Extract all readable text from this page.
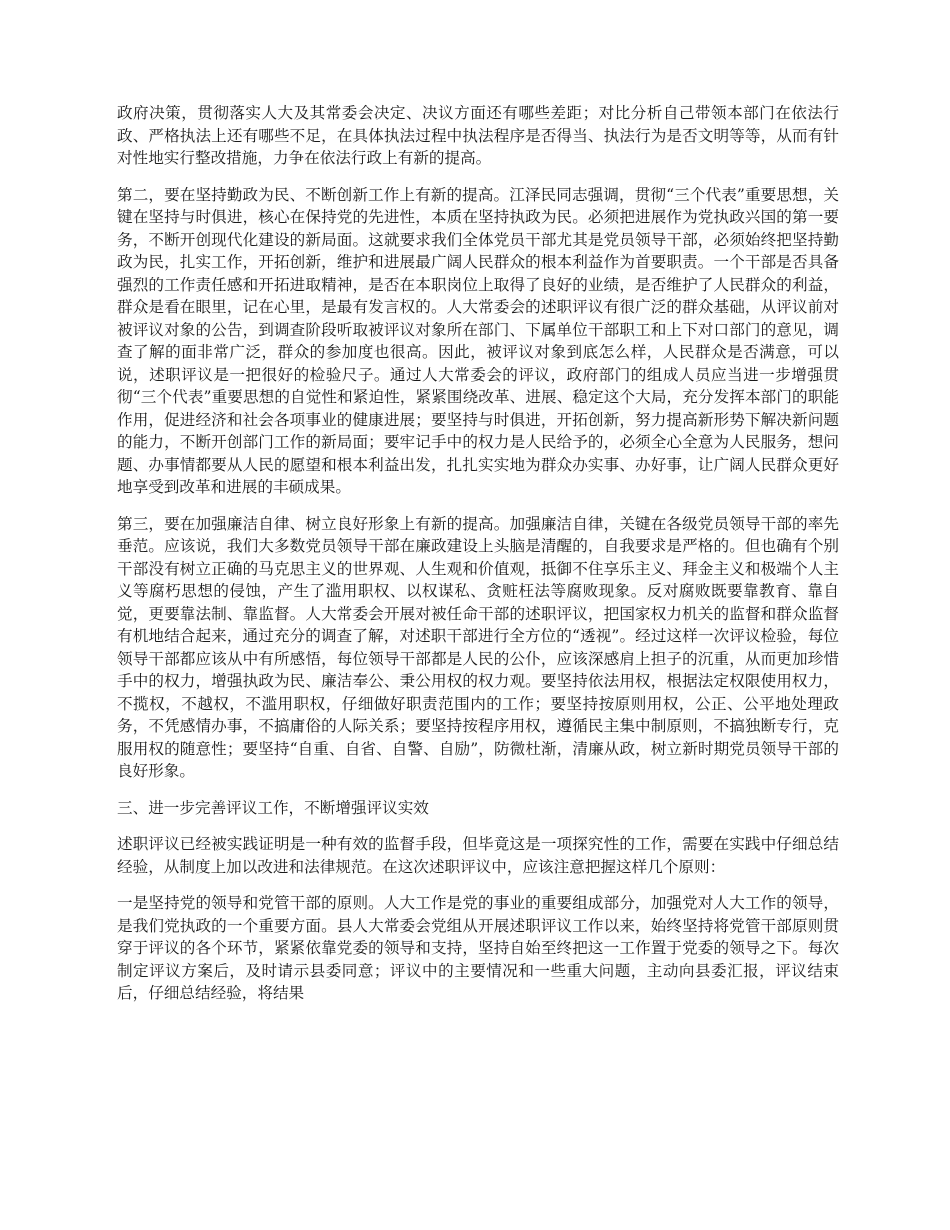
政府决策，贯彻落实人大及其常委会决定、决议方面还有哪些差距；对比分析自己带领本部门在依法行政、严格执法上还有哪些不足，在具体执法过程中执法程序是否得当、执法行为是否文明等等，从而有针对性地实行整改措施，力争在依法行政上有新的提高。

第二，要在坚持勤政为民、不断创新工作上有新的提高。江泽民同志强调，贯彻“三个代表”重要思想，关键在坚持与时俱进，核心在保持党的先进性，本质在坚持执政为民。必须把进展作为党执政兴国的第一要务，不断开创现代化建设的新局面。这就要求我们全体党员干部尤其是党员领导干部，必须始终把坚持勤政为民，扎实工作，开拓创新，维护和进展最广阔人民群众的根本利益作为首要职责。一个干部是否具备强烈的工作责任感和开拓进取精神，是否在本职岗位上取得了良好的业绩，是否维护了人民群众的利益，群众是看在眼里，记在心里，是最有发言权的。人大常委会的述职评议有很广泛的群众基础，从评议前对被评议对象的公告，到调查阶段听取被评议对象所在部门、下属单位干部职工和上下对口部门的意见，调查了解的面非常广泛，群众的参加度也很高。因此，被评议对象到底怎么样，人民群众是否满意，可以说，述职评议是一把很好的检验尺子。通过人大常委会的评议，政府部门的组成人员应当进一步增强贯彻“三个代表”重要思想的自觉性和紧迫性，紧紧围绕改革、进展、稳定这个大局，充分发挥本部门的职能作用，促进经济和社会各项事业的健康进展；要坚持与时俱进，开拓创新，努力提高新形势下解决新问题的能力，不断开创部门工作的新局面；要牢记手中的权力是人民给予的，必须全心全意为人民服务，想问题、办事情都要从人民的愿望和根本利益出发，扎扎实实地为群众办实事、办好事，让广阔人民群众更好地享受到改革和进展的丰硕成果。

第三，要在加强廉洁自律、树立良好形象上有新的提高。加强廉洁自律，关键在各级党员领导干部的率先垂范。应该说，我们大多数党员领导干部在廉政建设上头脑是清醒的，自我要求是严格的。但也确有个别干部没有树立正确的马克思主义的世界观、人生观和价值观，抵御不住享乐主义、拜金主义和极端个人主义等腐朽思想的侵蚀，产生了滥用职权、以权谋私、贪赃枉法等腐败现象。反对腐败既要靠教育、靠自觉，更要靠法制、靠监督。人大常委会开展对被任命干部的述职评议，把国家权力机关的监督和群众监督有机地结合起来，通过充分的调查了解，对述职干部进行全方位的“透视”。经过这样一次评议检验，每位领导干部都应该从中有所感悟，每位领导干部都是人民的公仆，应该深感肩上担子的沉重，从而更加珍惜手中的权力，增强执政为民、廉洁奉公、秉公用权的权力观。要坚持依法用权，根据法定权限使用权力，不揽权，不越权，不滥用职权，仔细做好职责范围内的工作；要坚持按原则用权，公正、公平地处理政务，不凭感情办事，不搞庸俗的人际关系；要坚持按程序用权，遵循民主集中制原则，不搞独断专行，克服用权的随意性；要坚持“自重、自省、自警、自励”，防微杜渐，清廉从政，树立新时期党员领导干部的良好形象。

三、进一步完善评议工作，不断增强评议实效

述职评议已经被实践证明是一种有效的监督手段，但毕竟这是一项探究性的工作，需要在实践中仔细总结经验，从制度上加以改进和法律规范。在这次述职评议中，应该注意把握这样几个原则：

一是坚持党的领导和党管干部的原则。人大工作是党的事业的重要组成部分，加强党对人大工作的领导，是我们党执政的一个重要方面。县人大常委会党组从开展述职评议工作以来，始终坚持将党管干部原则贯穿于评议的各个环节，紧紧依靠党委的领导和支持，坚持自始至终把这一工作置于党委的领导之下。每次制定评议方案后，及时请示县委同意；评议中的主要情况和一些重大问题，主动向县委汇报，评议结束后，仔细总结经验，将结果
